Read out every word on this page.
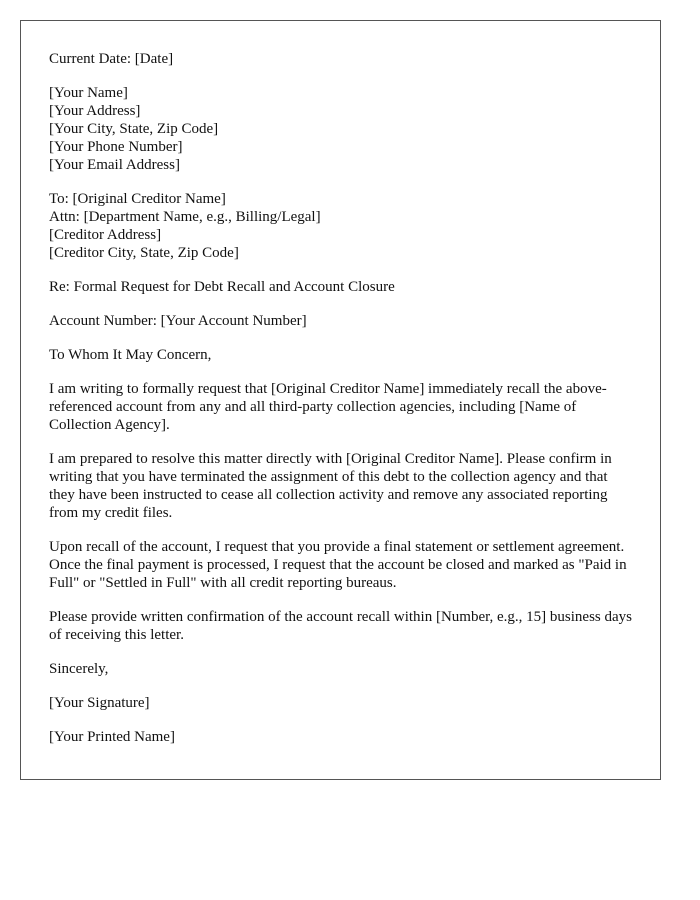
Current Date: [Date]

[Your Name]
[Your Address]
[Your City, State, Zip Code]
[Your Phone Number]
[Your Email Address]

To: [Original Creditor Name]
Attn: [Department Name, e.g., Billing/Legal]
[Creditor Address]
[Creditor City, State, Zip Code]

Re: Formal Request for Debt Recall and Account Closure

Account Number: [Your Account Number]

To Whom It May Concern,

I am writing to formally request that [Original Creditor Name] immediately recall the above-referenced account from any and all third-party collection agencies, including [Name of Collection Agency].

I am prepared to resolve this matter directly with [Original Creditor Name]. Please confirm in writing that you have terminated the assignment of this debt to the collection agency and that they have been instructed to cease all collection activity and remove any associated reporting from my credit files.

Upon recall of the account, I request that you provide a final statement or settlement agreement. Once the final payment is processed, I request that the account be closed and marked as "Paid in Full" or "Settled in Full" with all credit reporting bureaus.

Please provide written confirmation of the account recall within [Number, e.g., 15] business days of receiving this letter.

Sincerely,

[Your Signature]

[Your Printed Name]
